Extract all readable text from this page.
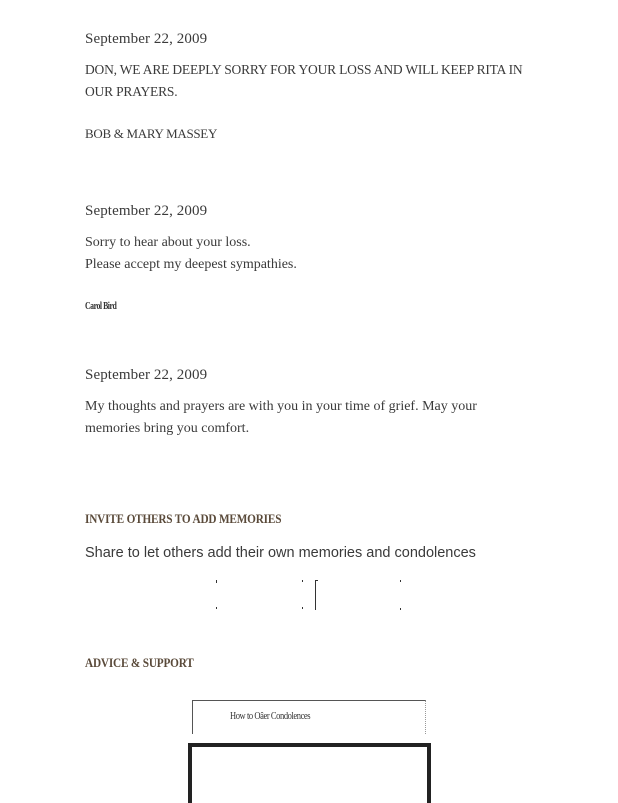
September 22, 2009
DON, WE ARE DEEPLY SORRY FOR YOUR LOSS AND WILL KEEP RITA IN
OUR PRAYERS.
BOB & MARY MASSEY
September 22, 2009
Sorry to hear about your loss.
Please accept my deepest sympathies.
Carol Bird
September 22, 2009
My thoughts and prayers are with you in your time of grief. May your
memories bring you comfort.
INVITE OTHERS TO ADD MEMORIES
Share to let others add their own memories and condolences
ADVICE & SUPPORT
How to Oâer Condolences
